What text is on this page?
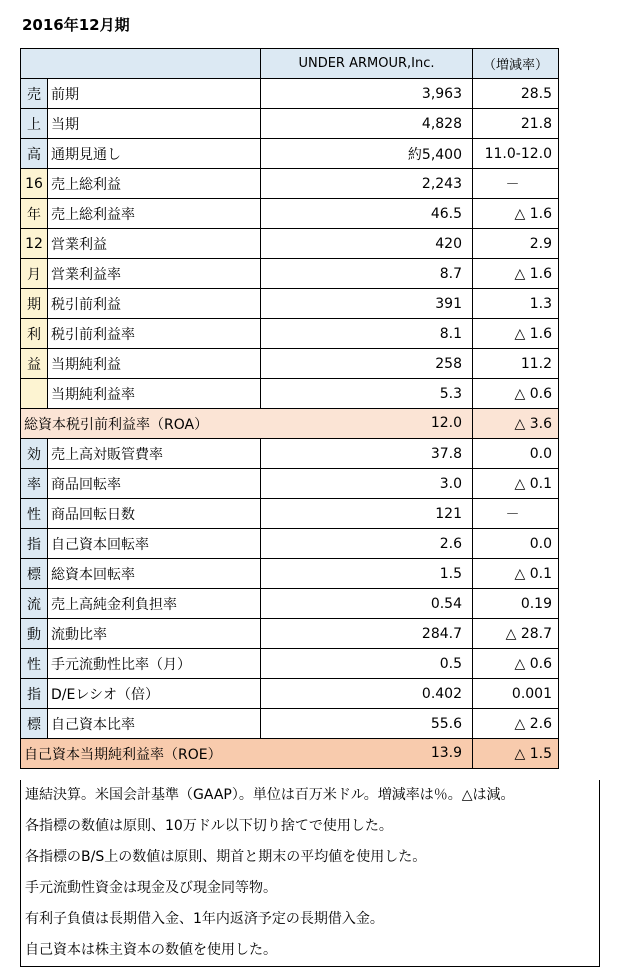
2016年12月期
		UNDER ARMOUR,Inc.	（増減率）
売	前期	3,963	28.5
上	当期	4,828	21.8
高	通期見通し	約5,400	11.0-12.0
16	売上総利益	2,243	－
年	売上総利益率	46.5	△ 1.6
12	営業利益	420	2.9
月	営業利益率	8.7	△ 1.6
期	税引前利益	391	1.3
利	税引前利益率	8.1	△ 1.6
益	当期純利益	258	11.2
	当期純利益率	5.3	△ 0.6
総資本税引前利益率（ROA） 12.0			△ 3.6
効	売上高対販管費率	37.8	0.0
率	商品回転率	3.0	△ 0.1
性	商品回転日数	121	－
指	自己資本回転率	2.6	0.0
標	総資本回転率	1.5	△ 0.1
流	売上高純金利負担率	0.54	0.19
動	流動比率	284.7	△ 28.7
性	手元流動性比率（月）	0.5	△ 0.6
指	D/Eレシオ（倍）	0.402	0.001
標	自己資本比率	55.6	△ 2.6
自己資本当期純利益率（ROE） 13.9			△ 1.5
連結決算。米国会計基準（GAAP）。単位は百万米ドル。増減率は％。△は減。
各指標の数値は原則、10万ドル以下切り捨てで使用した。
各指標のB/S上の数値は原則、期首と期末の平均値を使用した。
手元流動性資金は現金及び現金同等物。
有利子負債は長期借入金、1年内返済予定の長期借入金。
自己資本は株主資本の数値を使用した。
